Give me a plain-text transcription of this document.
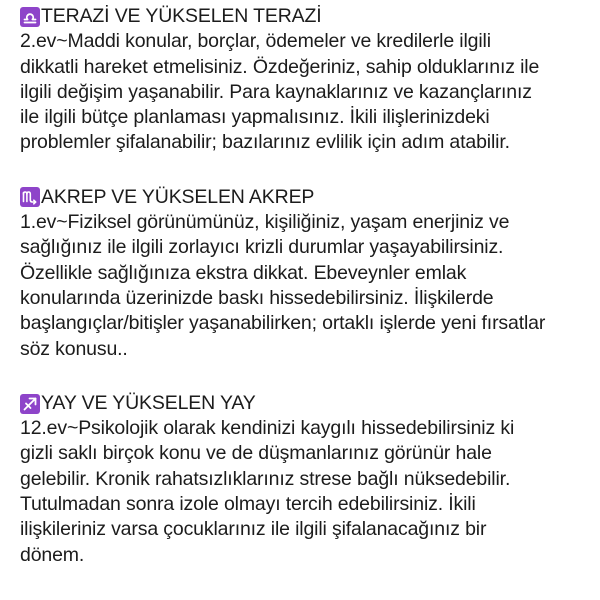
TERAZİ VE YÜKSELEN TERAZİ
2.ev~Maddi konular, borçlar, ödemeler ve kredilerle ilgili
dikkatli hareket etmelisiniz. Özdeğeriniz, sahip olduklarınız ile
ilgili değişim yaşanabilir. Para kaynaklarınız ve kazançlarınız
ile ilgili bütçe planlaması yapmalısınız. İkili ilişlerinizdeki
problemler şifalanabilir; bazılarınız evlilik için adım atabilir.
AKREP VE YÜKSELEN AKREP
1.ev~Fiziksel görünümünüz, kişiliğiniz, yaşam enerjiniz ve
sağlığınız ile ilgili zorlayıcı krizli durumlar yaşayabilirsiniz.
Özellikle sağlığınıza ekstra dikkat. Ebeveynler emlak
konularında üzerinizde baskı hissedebilirsiniz. İlişkilerde
başlangıçlar/bitişler yaşanabilirken; ortaklı işlerde yeni fırsatlar
söz konusu..
YAY VE YÜKSELEN YAY
12.ev~Psikolojik olarak kendinizi kaygılı hissedebilirsiniz ki
gizli saklı birçok konu ve de düşmanlarınız görünür hale
gelebilir. Kronik rahatsızlıklarınız strese bağlı nüksedebilir.
Tutulmadan sonra izole olmayı tercih edebilirsiniz. İkili
ilişkileriniz varsa çocuklarınız ile ilgili şifalanacağınız bir
dönem.
